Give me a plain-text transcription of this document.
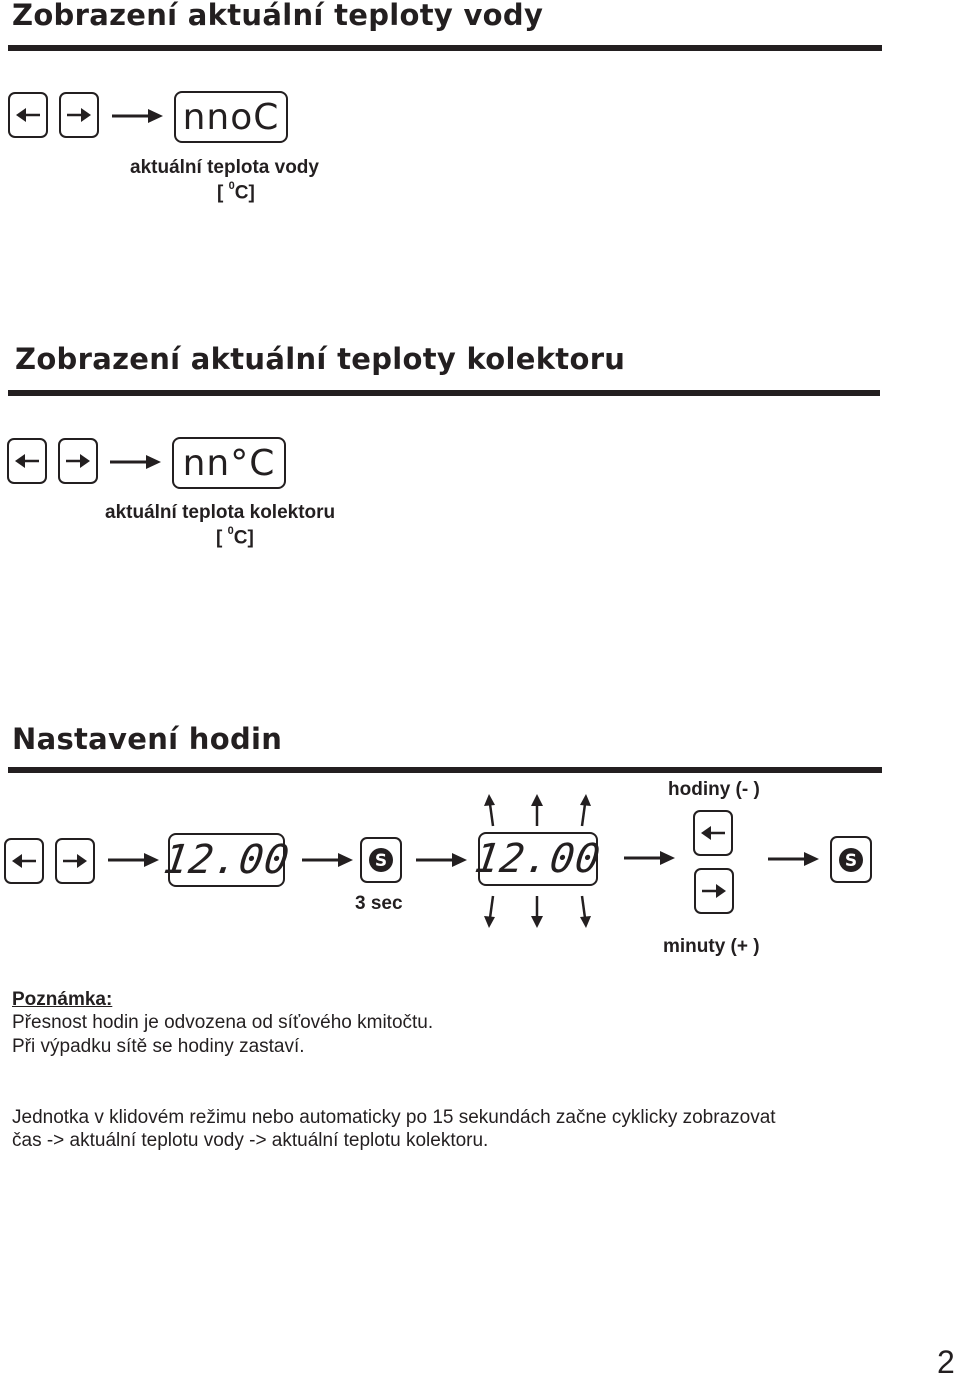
Zobrazení aktuální teploty vody
nnoC
aktuální teplota vody
[ $^0$C]
Zobrazení aktuální teploty kolektoru
nn°C
aktuální teplota kolektoru
[ $^0$C]
Nastavení hodin
hodiny (- )
12.00	S
3 sec
12.00	S
minuty (+ )
Poznámka:
Přesnost hodin je odvozena od síťového kmitočtu.
Při výpadku sítě se hodiny zastaví.
Jednotka v klidovém režimu nebo automaticky po 15 sekundách začne cyklicky zobrazovat
čas -> aktuální teplotu vody -> aktuální teplotu kolektoru.
2
